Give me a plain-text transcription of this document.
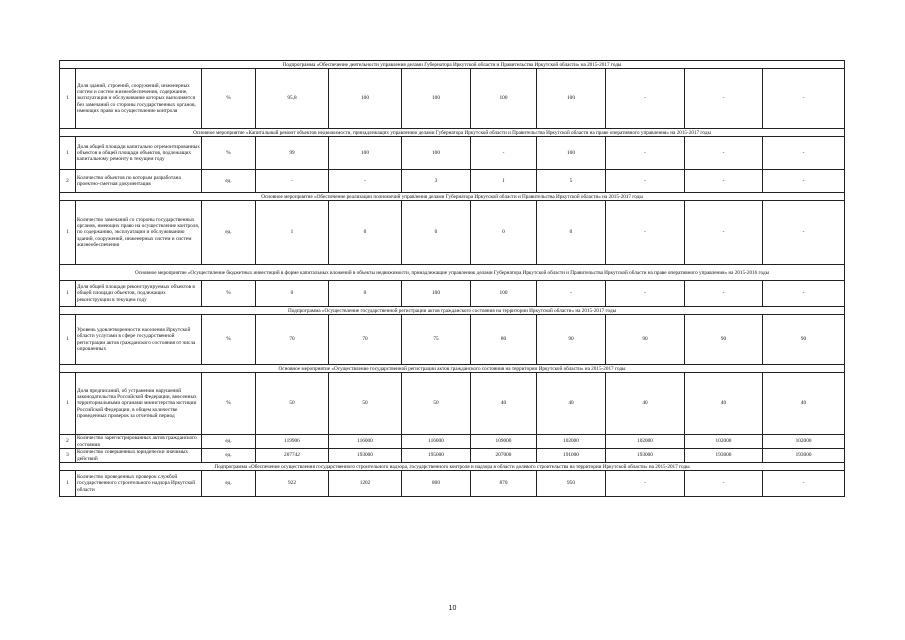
Подпрограмма «Обеспечение деятельности управления делами Губернатора Иркутской области и Правительства Иркутской области» на 2015-2017 годы										
1	Доля зданий, строений, сооружений, инженерных систем и систем жизнеобеспечения, содержание, эксплуатация и обслуживание которых выполняется без замечаний со стороны государственных органов, имеющих право на осуществление контроля	%	95,8	100	100	100	100	-	-	-
Основное мероприятие «Капитальный ремонт объектов недвижимости, принадлежащих управлению делами Губернатора Иркутской области и Правительства Иркутской области на праве оперативного управления» на 2015-2017 годы										
1	Доля общей площади капитально отремонтированных объектов в общей площади объектов, подлежащих капитальному ремонту в текущем году	%	99	100	100	-	100	-	-	-
2	Количество объектов по которым разработана проектно-сметная документация	ед.	-	-	3	1	5	-	-	-
Основное мероприятие «Обеспечение реализации полномочий управления делами Губернатора Иркутской области и Правительства Иркутской области» на 2015-2017 годы										
1	Количество замечаний со стороны государственных органов, имеющих право на осуществление контроля, по содержанию, эксплуатации и обслуживанию зданий, сооружений, инженерных систем и систем жизнеобеспечения	ед.	1	0	0	0	0	-	-	-
Основное мероприятие «Осуществление бюджетных инвестиций в форме капитальных вложений в объекты недвижимости, принадлежащие управлению делами Губернатора Иркутской области и Правительства Иркутской области на праве оперативного управления» на 2015-2016 годы										
1	Доля общей площади реконструируемых объектов в общей площади объектов, подлежащих реконструкции в текущем году	%	0	0	100	100	-	-	-	-
Подпрограмма «Осуществление государственной регистрации актов гражданского состояния на территории Иркутской области» на 2015-2017 годы										
1	Уровень удовлетворенности населения Иркутской области услугами в сфере государственной регистрации актов гражданского состояния от числа опрошенных	%	70	70	75	80	90	90	90	90
Основное мероприятие «Осуществление государственной регистрации актов гражданского состояния на территории Иркутской области» на 2015-2017 годы										
1	Доля предписаний, об устранении нарушений законодательства Российской Федерации, внесенных территориальными органами министерства юстиции Российской Федерации, в общем количестве проведенных проверок за отчетный период	%	50	50	50	40	40	40	40	40
2	Количество зарегистрированных актов гражданского состояния	ед.	119906	116000	116000	109000	102000	102000	102000	102000
3	Количество совершенных юридически значимых действий	ед.	207742	193000	195000	207000	191000	193000	193000	193000
Подпрограмма «Обеспечение осуществления государственного строительного надзора, государственного контроля и надзора в области долевого строительства на территории Иркутской области» на 2015-2017 годы										
1	Количество проведенных проверок службой государственного строительного надзора Иркутской области	ед.	922	1202	800	870	950	-	-	-
10
